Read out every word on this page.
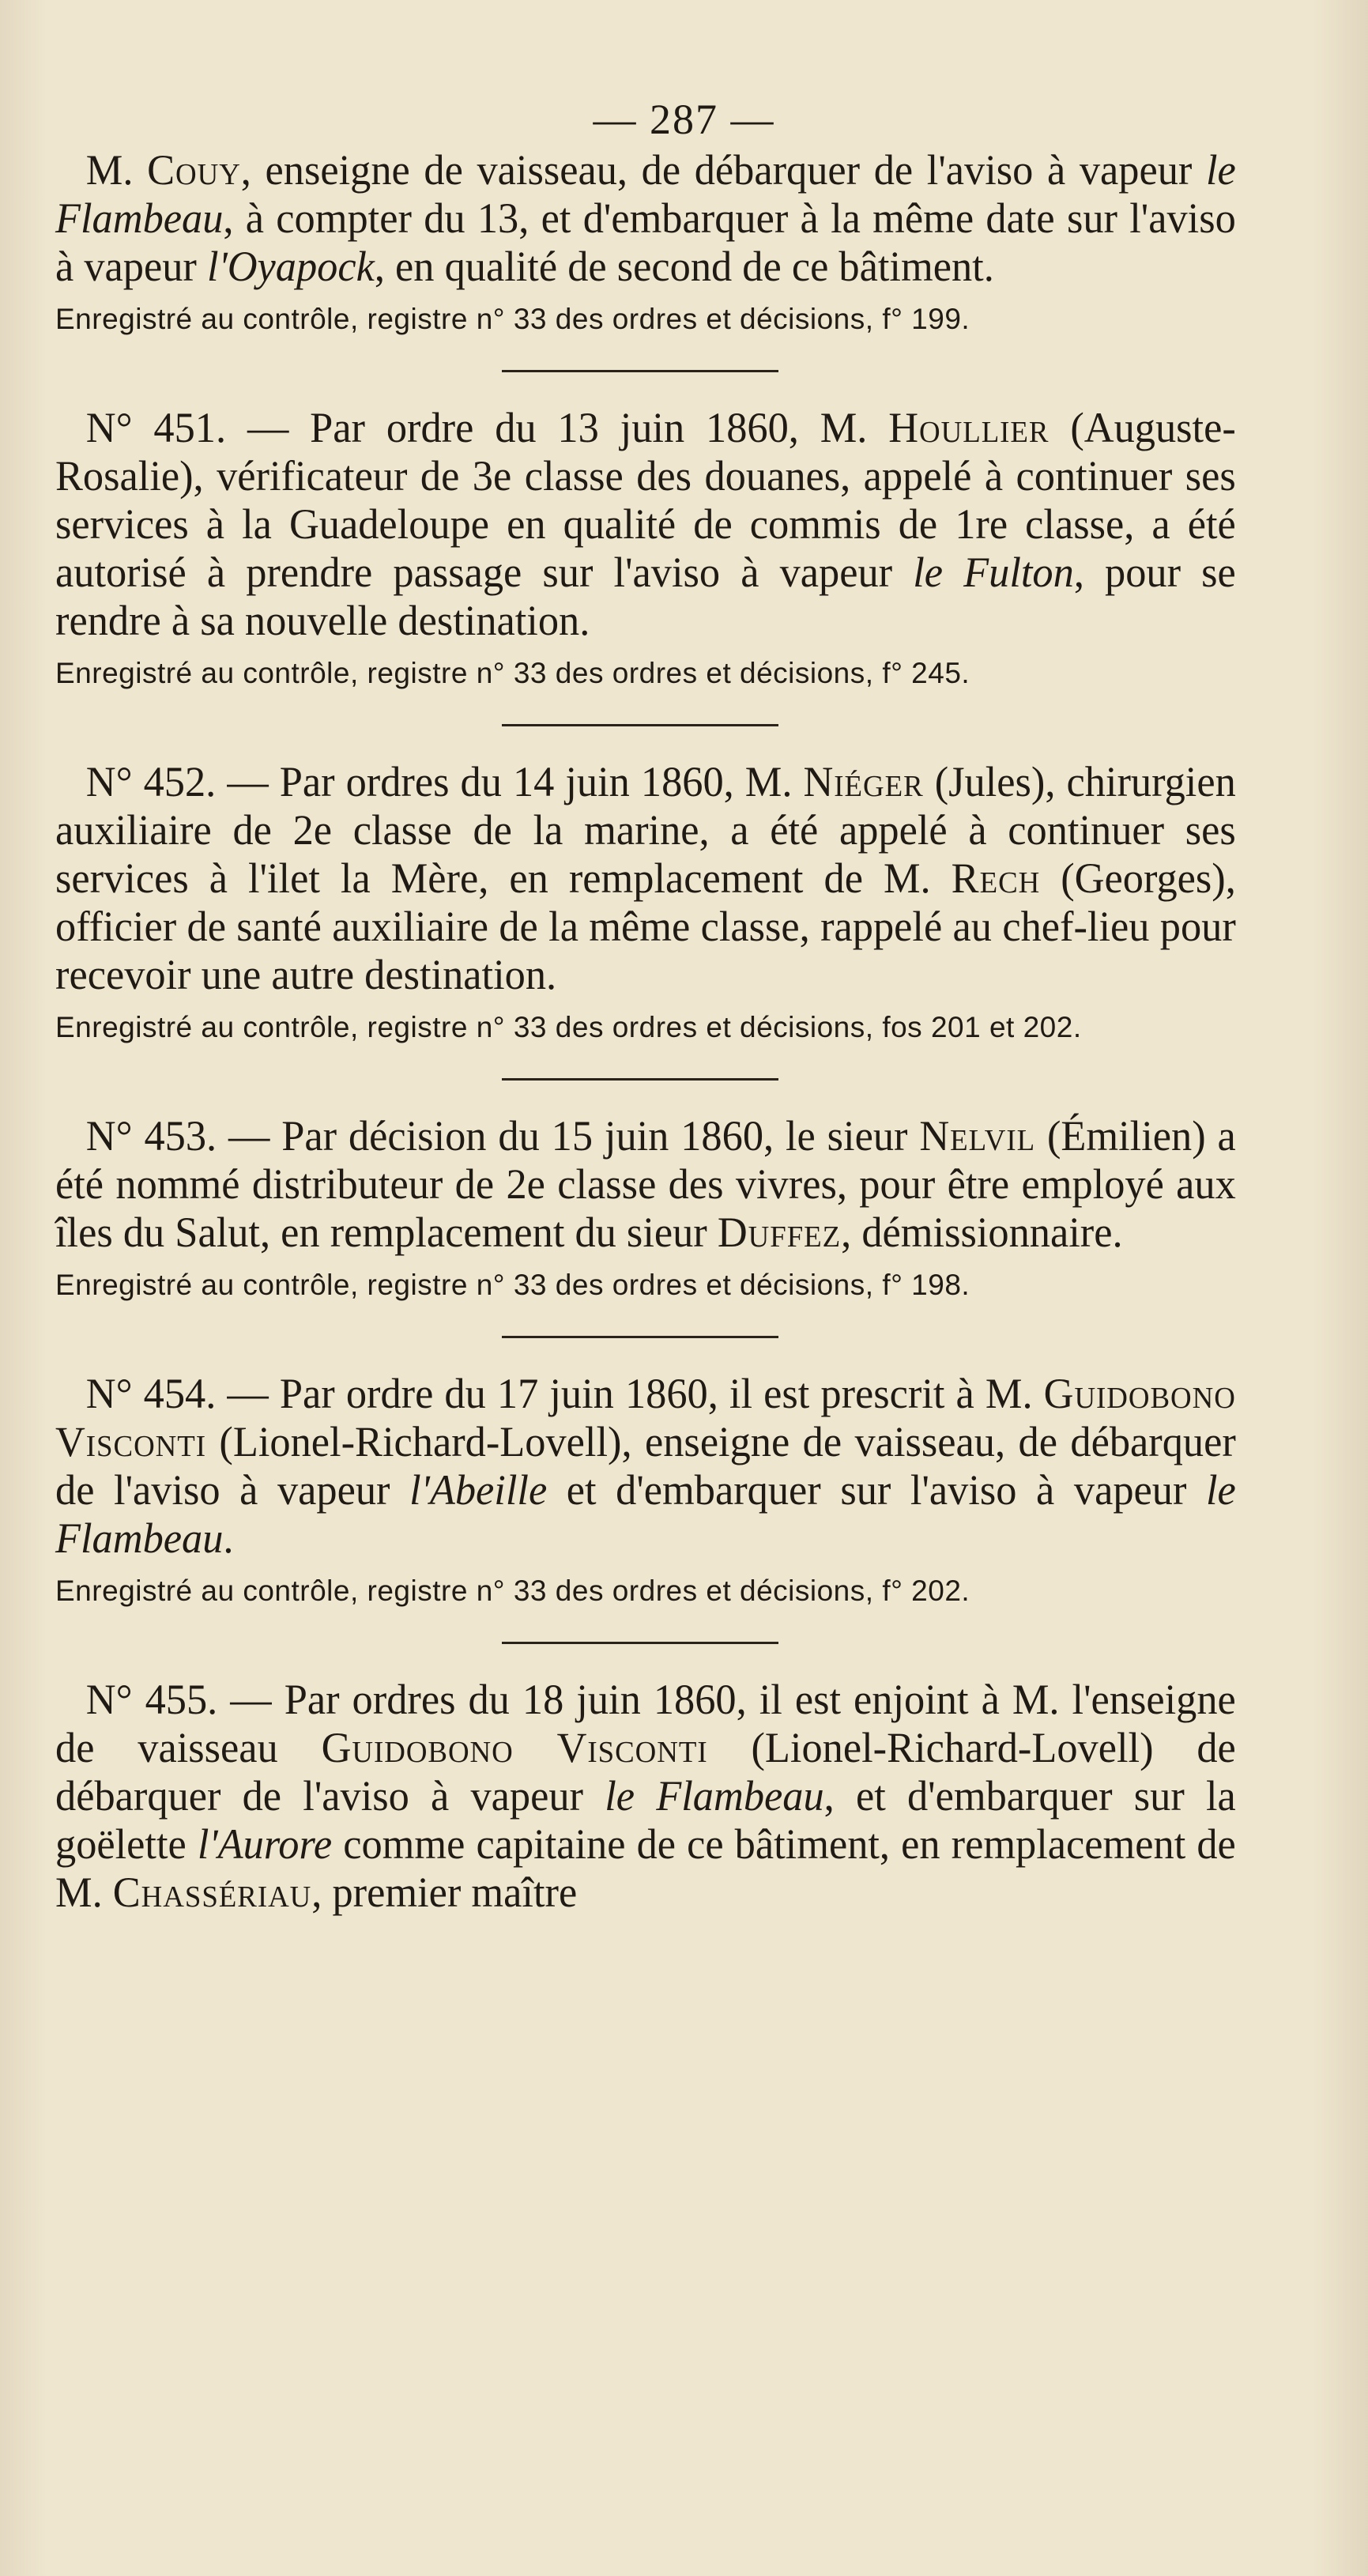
— 287 —

M. Couy, enseigne de vaisseau, de débarquer de l'aviso à vapeur le Flambeau, à compter du 13, et d'embarquer à la même date sur l'aviso à vapeur l'Oyapock, en qualité de second de ce bâtiment.

Enregistré au contrôle, registre n° 33 des ordres et décisions, f° 199.

N° 451. — Par ordre du 13 juin 1860, M. Houllier (Auguste-Rosalie), vérificateur de 3e classe des douanes, appelé à continuer ses services à la Guadeloupe en qualité de commis de 1re classe, a été autorisé à prendre passage sur l'aviso à vapeur le Fulton, pour se rendre à sa nouvelle destination.

Enregistré au contrôle, registre n° 33 des ordres et décisions, f° 245.

N° 452. — Par ordres du 14 juin 1860, M. Niéger (Jules), chirurgien auxiliaire de 2e classe de la marine, a été appelé à continuer ses services à l'ilet la Mère, en remplacement de M. Rech (Georges), officier de santé auxiliaire de la même classe, rappelé au chef-lieu pour recevoir une autre destination.

Enregistré au contrôle, registre n° 33 des ordres et décisions, fos 201 et 202.

N° 453. — Par décision du 15 juin 1860, le sieur Nelvil (Émilien) a été nommé distributeur de 2e classe des vivres, pour être employé aux îles du Salut, en remplacement du sieur Duffez, démissionnaire.

Enregistré au contrôle, registre n° 33 des ordres et décisions, f° 198.

N° 454. — Par ordre du 17 juin 1860, il est prescrit à M. Guidobono Visconti (Lionel-Richard-Lovell), enseigne de vaisseau, de débarquer de l'aviso à vapeur l'Abeille et d'embarquer sur l'aviso à vapeur le Flambeau.

Enregistré au contrôle, registre n° 33 des ordres et décisions, f° 202.

N° 455. — Par ordres du 18 juin 1860, il est enjoint à M. l'enseigne de vaisseau Guidobono Visconti (Lionel-Richard-Lovell) de débarquer de l'aviso à vapeur le Flambeau, et d'embarquer sur la goëlette l'Aurore comme capitaine de ce bâtiment, en remplacement de M. Chassériau, premier maître
